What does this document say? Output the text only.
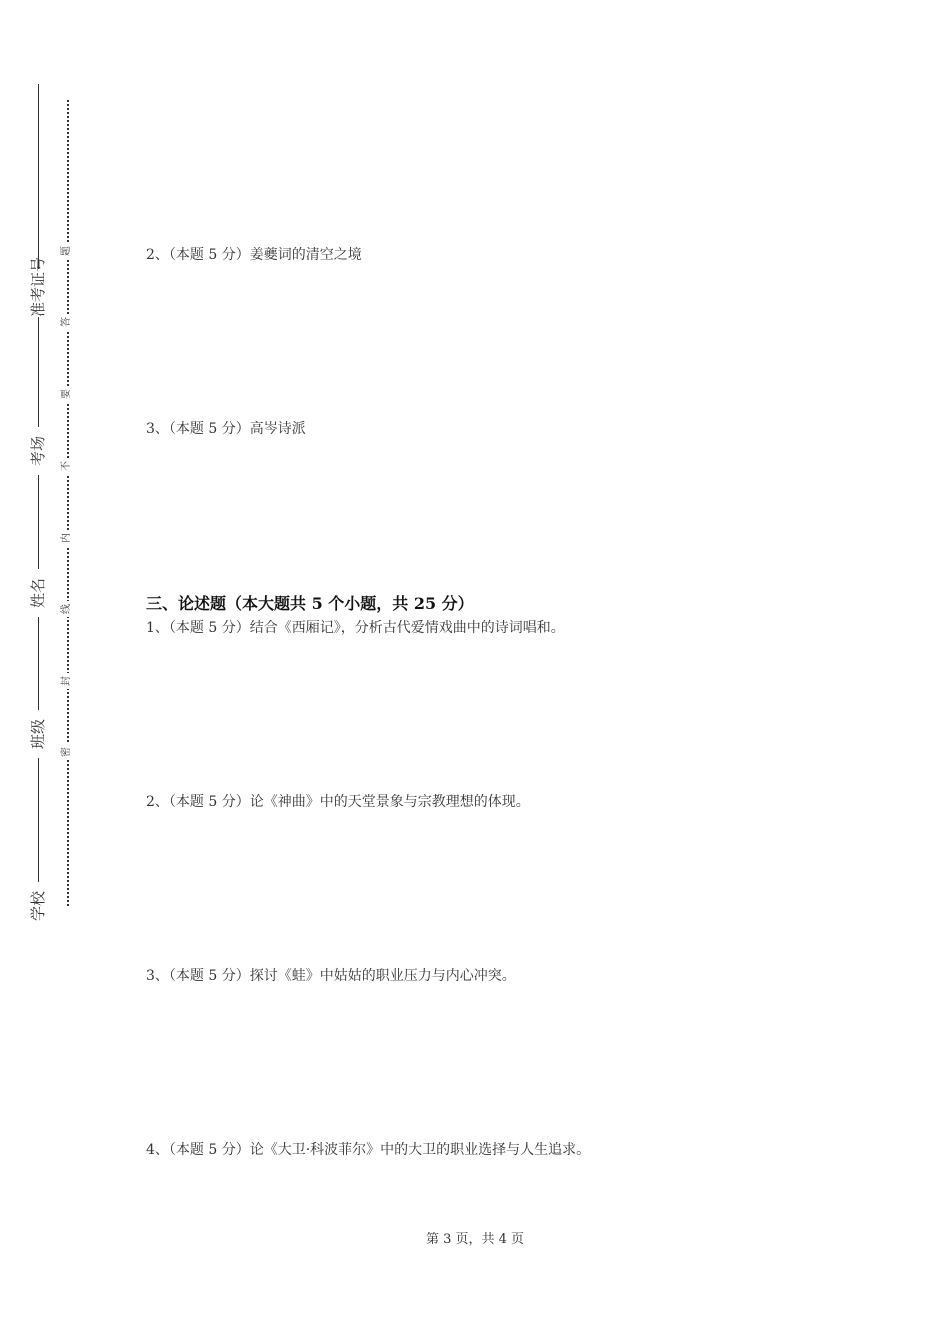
准考证号
考场
姓名
班级
学校
题
答
要
不
内
线
封
密
2、（本题 5 分）姜夔词的清空之境
3、（本题 5 分）高岑诗派
三、论述题（本大题共 5 个小题，共 25 分）
1、（本题 5 分）结合《西厢记》，分析古代爱情戏曲中的诗词唱和。
2、（本题 5 分）论《神曲》中的天堂景象与宗教理想的体现。
3、（本题 5 分）探讨《蛙》中姑姑的职业压力与内心冲突。
4、（本题 5 分）论《大卫·科波菲尔》中的大卫的职业选择与人生追求。
第 3 页，共 4 页
